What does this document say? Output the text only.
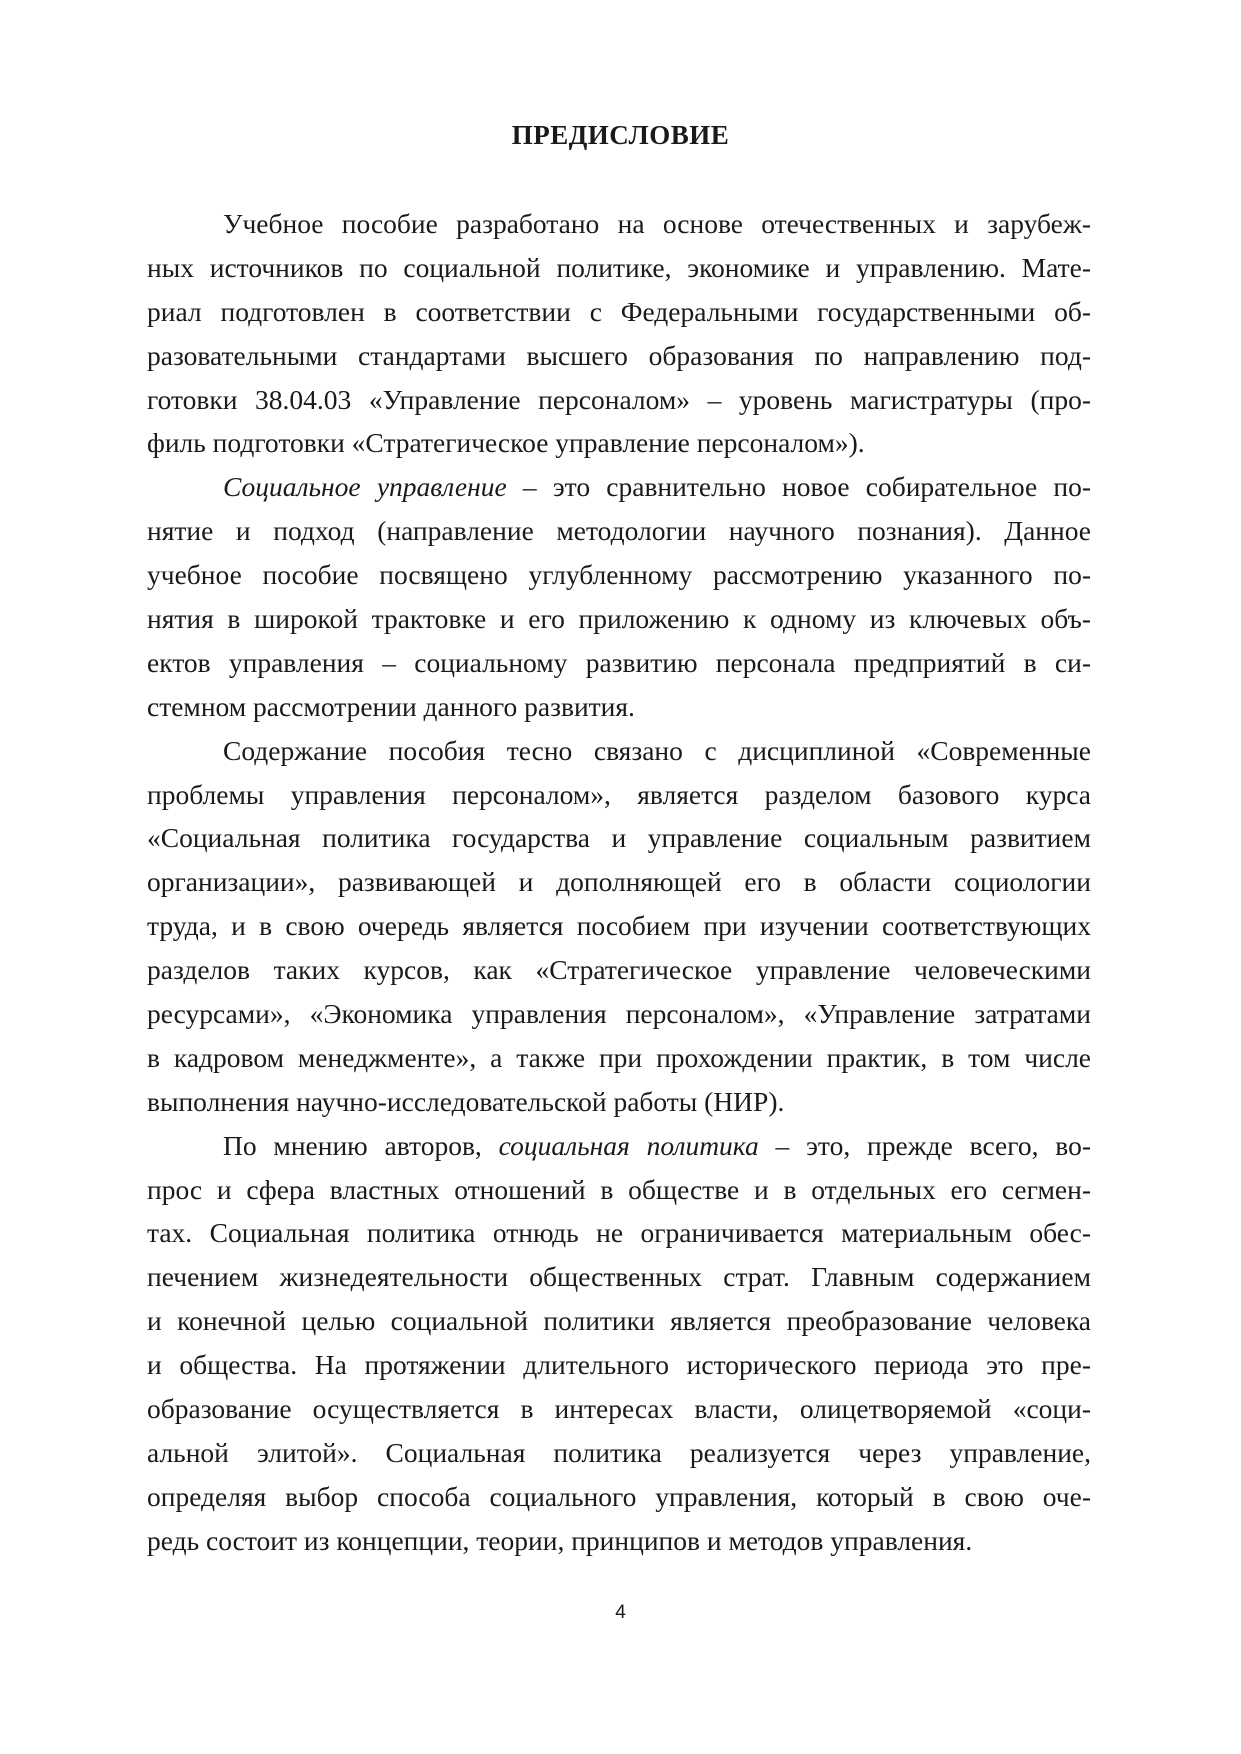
ПРЕДИСЛОВИЕ
Учебное пособие разработано на основе отечественных и зарубеж-
ных источников по социальной политике, экономике и управлению. Мате-
риал подготовлен в соответствии с Федеральными государственными об-
разовательными стандартами высшего образования по направлению под-
готовки 38.04.03 «Управление персоналом» – уровень магистратуры (про-
филь подготовки «Стратегическое управление персоналом»).
Социальное управление – это сравнительно новое собирательное по-
нятие и подход (направление методологии научного познания). Данное
учебное пособие посвящено углубленному рассмотрению указанного по-
нятия в широкой трактовке и его приложению к одному из ключевых объ-
ектов управления – социальному развитию персонала предприятий в си-
стемном рассмотрении данного развития.
Содержание пособия тесно связано с дисциплиной «Современные
проблемы управления персоналом», является разделом базового курса
«Социальная политика государства и управление социальным развитием
организации», развивающей и дополняющей его в области социологии
труда, и в свою очередь является пособием при изучении соответствующих
разделов таких курсов, как «Стратегическое управление человеческими
ресурсами», «Экономика управления персоналом», «Управление затратами
в кадровом менеджменте», а также при прохождении практик, в том числе
выполнения научно-исследовательской работы (НИР).
По мнению авторов, социальная политика – это, прежде всего, во-
прос и сфера властных отношений в обществе и в отдельных его сегмен-
тах. Социальная политика отнюдь не ограничивается материальным обес-
печением жизнедеятельности общественных страт. Главным содержанием
и конечной целью социальной политики является преобразование человека
и общества. На протяжении длительного исторического периода это пре-
образование осуществляется в интересах власти, олицетворяемой «соци-
альной элитой». Социальная политика реализуется через управление,
определяя выбор способа социального управления, который в свою оче-
редь состоит из концепции, теории, принципов и методов управления.
4
